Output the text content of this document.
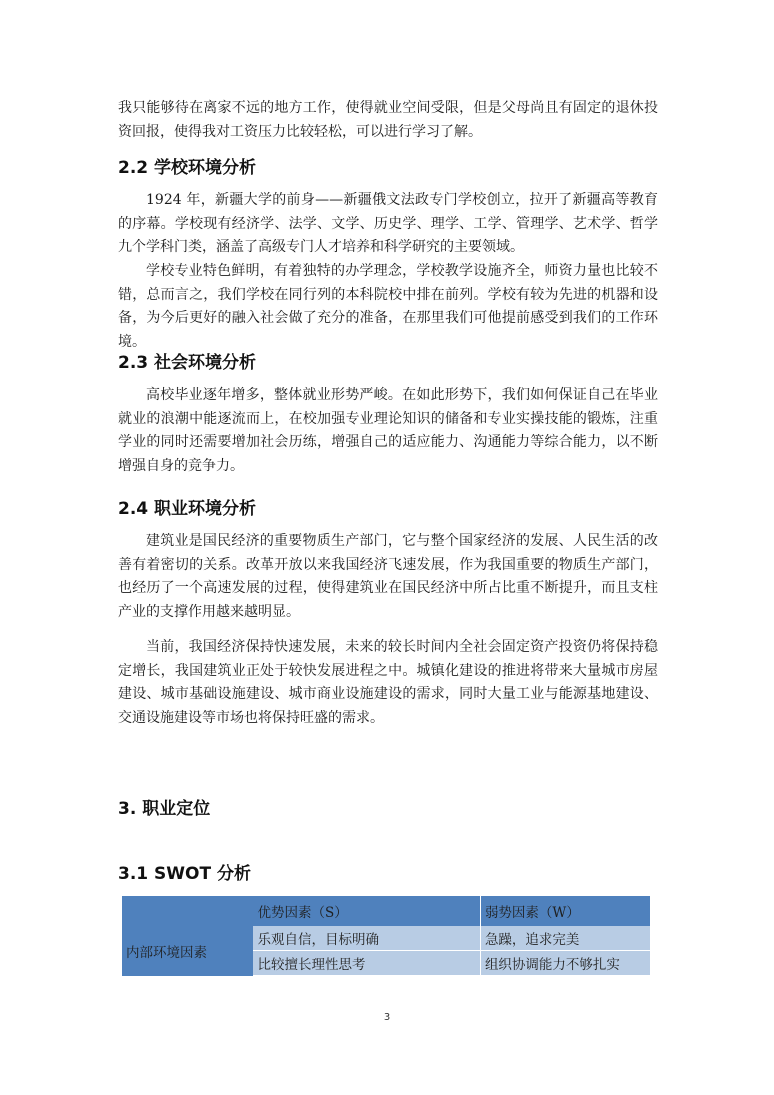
我只能够待在离家不远的地方工作，使得就业空间受限，但是父母尚且有固定的退休投资回报，使得我对工资压力比较轻松，可以进行学习了解。

2.2 学校环境分析

1924 年，新疆大学的前身——新疆俄文法政专门学校创立，拉开了新疆高等教育的序幕。学校现有经济学、法学、文学、历史学、理学、工学、管理学、艺术学、哲学九个学科门类，涵盖了高级专门人才培养和科学研究的主要领域。

学校专业特色鲜明，有着独特的办学理念，学校教学设施齐全，师资力量也比较不错，总而言之，我们学校在同行列的本科院校中排在前列。学校有较为先进的机器和设备，为今后更好的融入社会做了充分的准备，在那里我们可他提前感受到我们的工作环境。

2.3 社会环境分析

高校毕业逐年增多，整体就业形势严峻。在如此形势下，我们如何保证自己在毕业就业的浪潮中能逐流而上，在校加强专业理论知识的储备和专业实操技能的锻炼，注重学业的同时还需要增加社会历练，增强自己的适应能力、沟通能力等综合能力，以不断增强自身的竞争力。

2.4 职业环境分析

建筑业是国民经济的重要物质生产部门，它与整个国家经济的发展、人民生活的改善有着密切的关系。改革开放以来我国经济飞速发展，作为我国重要的物质生产部门，也经历了一个高速发展的过程，使得建筑业在国民经济中所占比重不断提升，而且支柱产业的支撑作用越来越明显。

当前，我国经济保持快速发展，未来的较长时间内全社会固定资产投资仍将保持稳定增长，我国建筑业正处于较快发展进程之中。城镇化建设的推进将带来大量城市房屋建设、城市基础设施建设、城市商业设施建设的需求，同时大量工业与能源基地建设、交通设施建设等市场也将保持旺盛的需求。

3. 职业定位
3.1 SWOT 分析
	优势因素（S）	弱势因素（W）
内部环境因素	乐观自信，目标明确	急躁，追求完美
	比较擅长理性思考	组织协调能力不够扎实
3
